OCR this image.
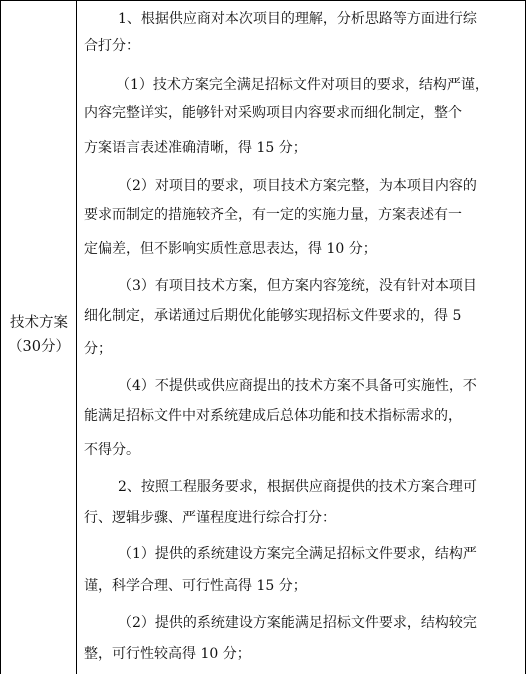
技术方案
（30分）
1、根据供应商对本次项目的理解，分析思路等方面进行综
合打分：
（1）技术方案完全满足招标文件对项目的要求，结构严谨，
内容完整详实，能够针对采购项目内容要求而细化制定，整个
方案语言表述准确清晰，得 15 分；
（2）对项目的要求，项目技术方案完整，为本项目内容的
要求而制定的措施较齐全，有一定的实施力量，方案表述有一
定偏差，但不影响实质性意思表达，得 10 分；
（3）有项目技术方案，但方案内容笼统，没有针对本项目
细化制定，承诺通过后期优化能够实现招标文件要求的，得 5
分；
（4）不提供或供应商提出的技术方案不具备可实施性，不
能满足招标文件中对系统建成后总体功能和技术指标需求的，
不得分。
2、按照工程服务要求，根据供应商提供的技术方案合理可
行、逻辑步骤、严谨程度进行综合打分：
（1）提供的系统建设方案完全满足招标文件要求，结构严
谨，科学合理、可行性高得 15 分；
（2）提供的系统建设方案能满足招标文件要求，结构较完
整，可行性较高得 10 分；
